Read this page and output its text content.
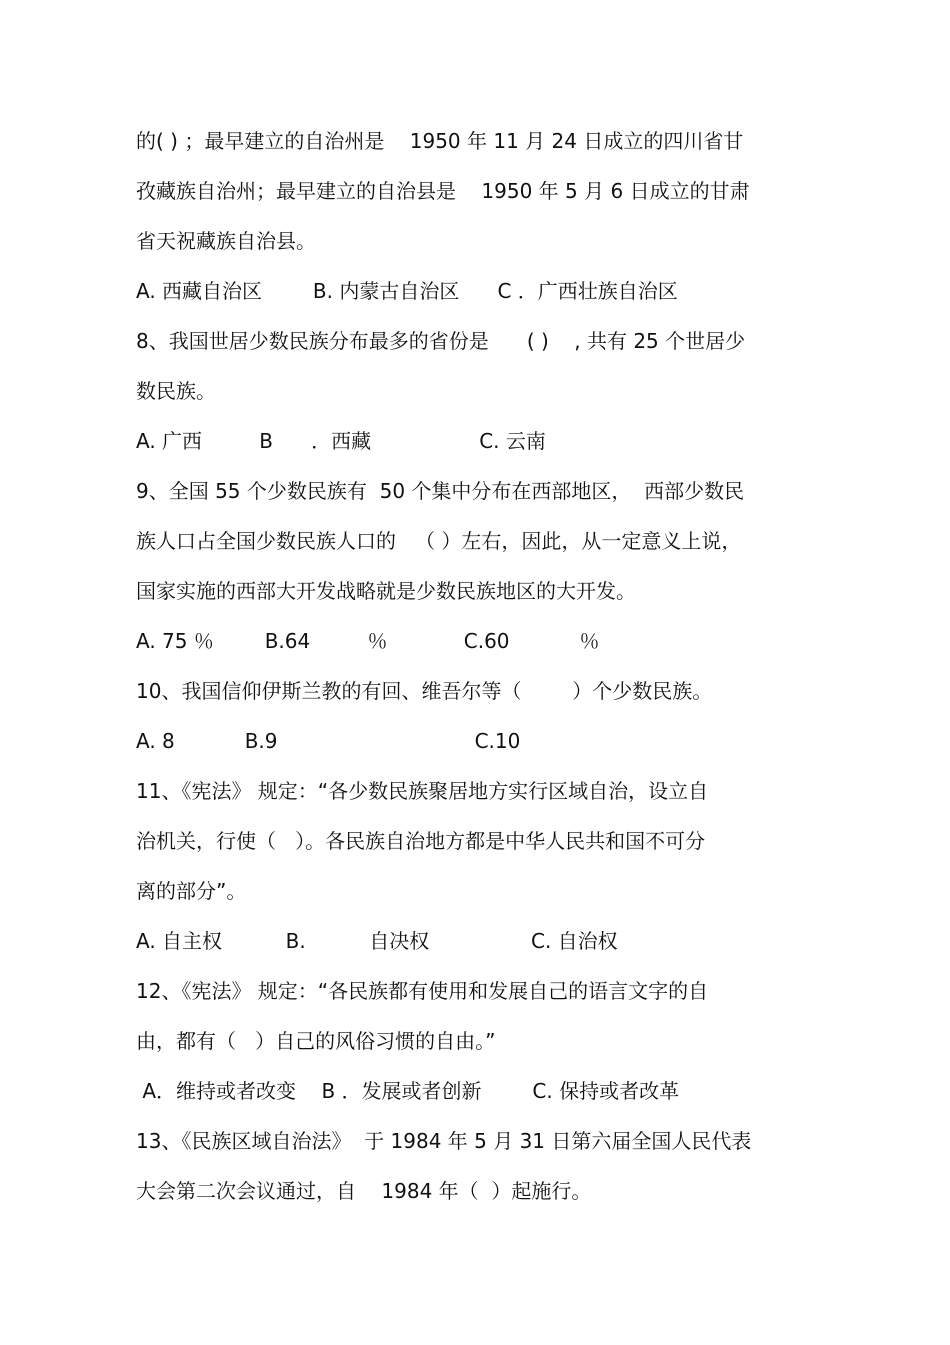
的( ) ；最早建立的自治州是    1950 年 11 月 24 日成立的四川省甘
孜藏族自治州；最早建立的自治县是    1950 年 5 月 6 日成立的甘肃
省天祝藏族自治县。
A. 西藏自治区        B. 内蒙古自治区      C ．广西壮族自治区
8、我国世居少数民族分布最多的省份是      ( )    , 共有 25 个世居少
数民族。
A. 广西         B      ．西藏                 C. 云南
9、全国 55 个少数民族有  50 个集中分布在西部地区，  西部少数民
族人口占全国少数民族人口的   （ ）左右，因此，从一定意义上说，
国家实施的西部大开发战略就是少数民族地区的大开发。
A. 75 ％        B.64         ％            C.60           ％
10、我国信仰伊斯兰教的有回、维吾尔等（        ）个少数民族。
A. 8           B.9                               C.10
11、《宪法》 规定：“各少数民族聚居地方实行区域自治，设立自
治机关，行使（   ）。各民族自治地方都是中华人民共和国不可分
离的部分”。
A. 自主权          B.          自决权                C. 自治权
12、《宪法》 规定：“各民族都有使用和发展自己的语言文字的自
由，都有（   ）自己的风俗习惯的自由。”
A．维持或者改变    B ．发展或者创新        C. 保持或者改革
13、《民族区域自治法》  于 1984 年 5 月 31 日第六届全国人民代表
大会第二次会议通过，自    1984 年（  ）起施行。
